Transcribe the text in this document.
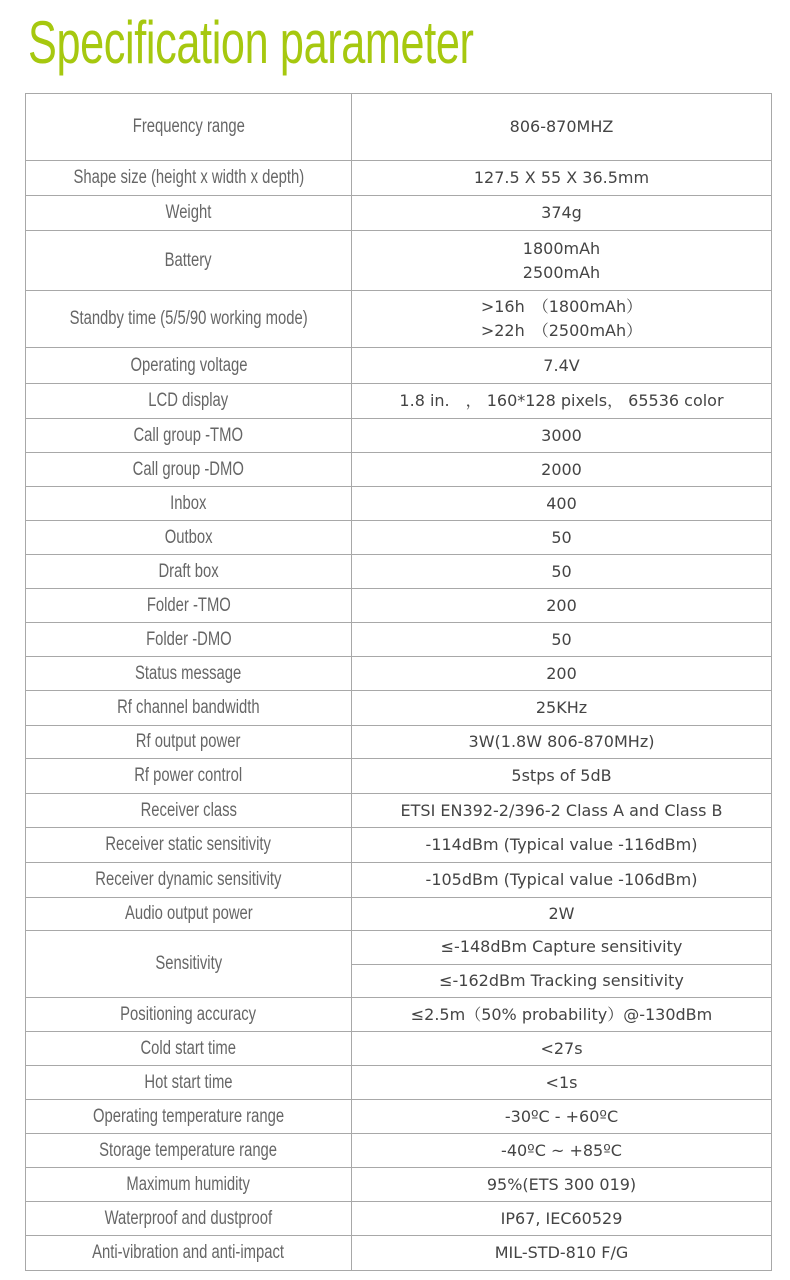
Specification parameter
Frequency range	806-870MHZ

Shape size (height x width x depth)	127.5 X 55 X 36.5mm

Weight	374g

Battery	1800mAh
2500mAh

Standby time (5/5/90 working mode)	>16h　（1800mAh）
>22h　（2500mAh）

Operating voltage	7.4V

LCD display	1.8 in.　， 160*128 pixels， 65536 color

Call group -TMO	3000

Call group -DMO	2000

Inbox	400

Outbox	50

Draft box	50

Folder -TMO	200

Folder -DMO	50

Status message	200

Rf channel bandwidth	25KHz

Rf output power	3W(1.8W 806-870MHz)

Rf power control	5stps of 5dB

Receiver class	ETSI EN392-2/396-2 Class A and Class B

Receiver static sensitivity	-114dBm (Typical value -116dBm)

Receiver dynamic sensitivity	-105dBm (Typical value -106dBm)

Audio output power	2W

Sensitivity	≤-148dBm Capture sensitivity
≤-162dBm Tracking sensitivity

Positioning accuracy	≤2.5m（50% probability）@-130dBm

Cold start time	<27s

Hot start time	<1s

Operating temperature range	-30ºC - +60ºC

Storage temperature range	-40ºC ~ +85ºC

Maximum humidity	95%(ETS 300 019)

Waterproof and dustproof	IP67, IEC60529

Anti-vibration and anti-impact	MIL-STD-810 F/G
